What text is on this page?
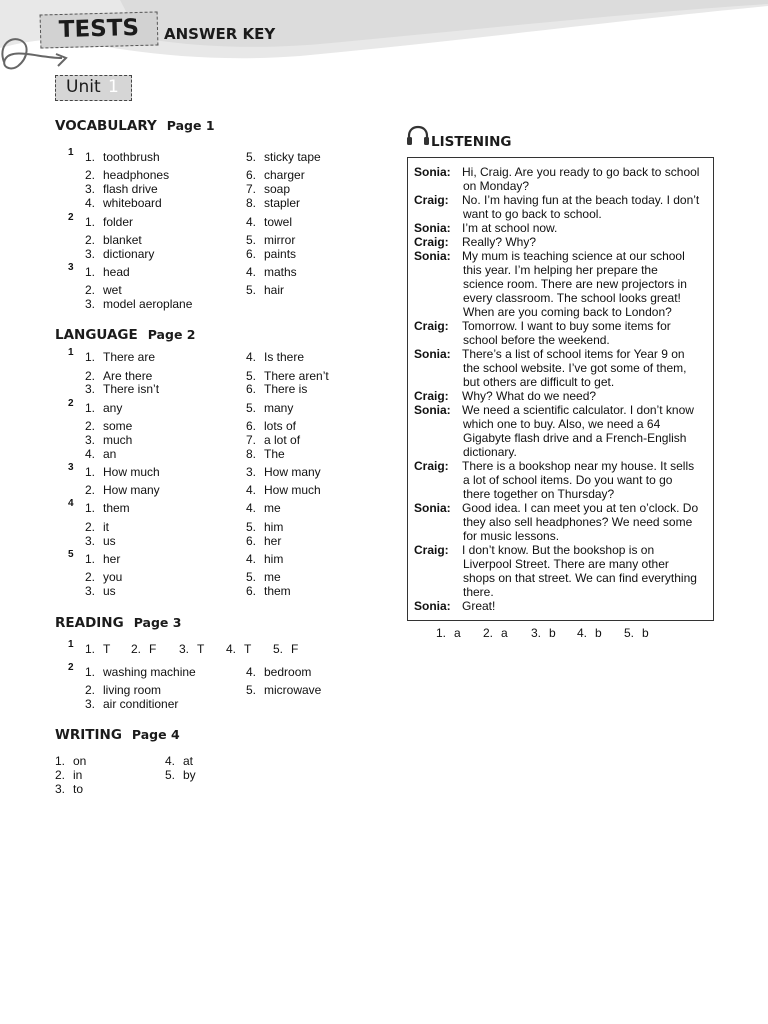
TESTS	ANSWER KEY
Unit 1
VOCABULARY Page 1
LANGUAGE Page 2
READING Page 3
WRITING Page 4
1
2
3
1
2
3
4
5
1
2
1. toothbrush
2. headphones
3. flash drive
4. whiteboard
5. sticky tape
6. charger
7. soap
8. stapler
1. folder
2. blanket
3. dictionary
4. towel
5. mirror
6. paints
1. head
2. wet
3. model aeroplane
4. maths
5. hair
1. There are
2. Are there
3. There isn’t
4. Is there
5. There aren’t
6. There is
1. any
2. some
3. much
4. an
5. many
6. lots of
7. a lot of
8. The
1. How much
2. How many
3. How many
4. How much
1. them
2. it
3. us
4. me
5. him
6. her
1. her
2. you
3. us
4. him
5. me
6. them
1. T 2. F 3. T 4. T 5. F
1. washing machine
2. living room
3. air conditioner
4. bedroom
5. microwave
1. on
2. in
3. to
4. at
5. by
LISTENING
Sonia: Hi, Craig. Are you ready to go back to school
on Monday?
Craig: No. I’m having fun at the beach today. I don’t
want to go back to school.
Sonia: I’m at school now.
Craig: Really? Why?
Sonia: My mum is teaching science at our school
this year. I’m helping her prepare the
science room. There are new projectors in
every classroom. The school looks great!
When are you coming back to London?
Craig: Tomorrow. I want to buy some items for
school before the weekend.
Sonia: There’s a list of school items for Year 9 on
the school website. I’ve got some of them,
but others are difficult to get.
Craig: Why? What do we need?
Sonia: We need a scientific calculator. I don’t know
which one to buy. Also, we need a 64
Gigabyte flash drive and a French-English
dictionary.
Craig: There is a bookshop near my house. It sells
a lot of school items. Do you want to go
there together on Thursday?
Sonia: Good idea. I can meet you at ten o’clock. Do
they also sell headphones? We need some
for music lessons.
Craig: I don’t know. But the bookshop is on
Liverpool Street. There are many other
shops on that street. We can find everything
there.
Sonia: Great!
1. a 2. a 3. b 4. b 5. b
